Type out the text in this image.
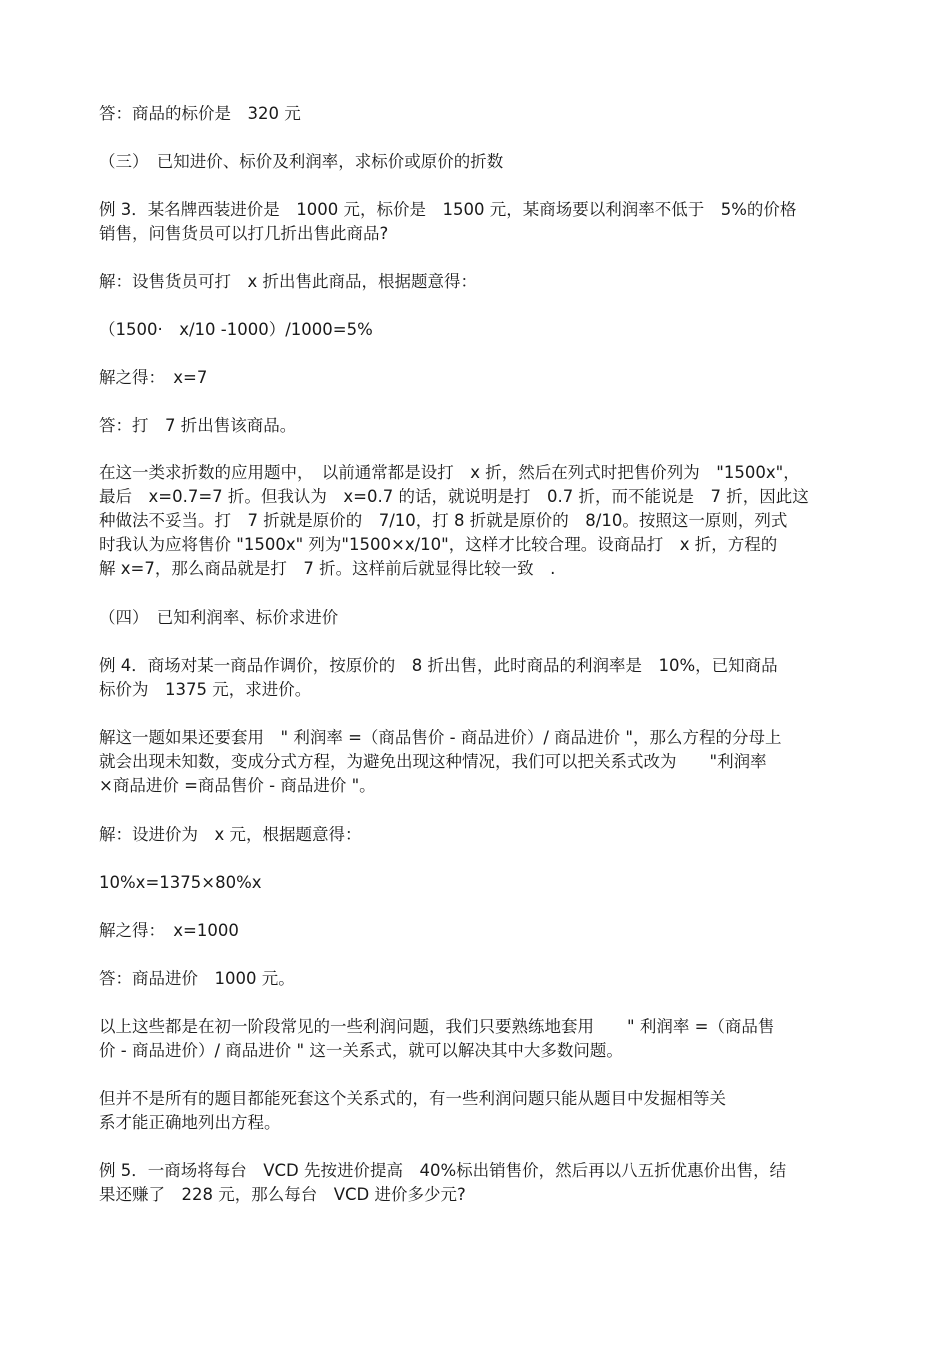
答：商品的标价是　320 元

（三）　已知进价、标价及利润率，求标价或原价的折数

例 3．某名牌西装进价是　1000 元，标价是　1500 元，某商场要以利润率不低于　5%的价格
销售，问售货员可以打几折出售此商品?

解：设售货员可打　x 折出售此商品，根据题意得：

（1500·　x/10 -1000）/1000=5%

解之得：　x=7

答：打　7 折出售该商品。

在这一类求折数的应用题中，　以前通常都是设打　x 折，然后在列式时把售价列为　"1500x"，
最后　x=0.7=7 折。但我认为　x=0.7 的话，就说明是打　0.7 折，而不能说是　7 折，因此这
种做法不妥当。打　7 折就是原价的　7/10，打 8 折就是原价的　8/10。按照这一原则，列式
时我认为应将售价 "1500x" 列为"1500×x/10"，这样才比较合理。设商品打　x 折，方程的
解 x=7，那么商品就是打　7 折。这样前后就显得比较一致　.

（四）　已知利润率、标价求进价

例 4．商场对某一商品作调价，按原价的　8 折出售，此时商品的利润率是　10%，已知商品
标价为　1375 元，求进价。

解这一题如果还要套用　" 利润率 =（商品售价 - 商品进价）/ 商品进价 "，那么方程的分母上
就会出现未知数，变成分式方程，为避免出现这种情况，我们可以把关系式改为　　"利润率
×商品进价 =商品售价 - 商品进价 "。

解：设进价为　x 元，根据题意得：

10%x=1375×80%x

解之得：　x=1000

答：商品进价　1000 元。

以上这些都是在初一阶段常见的一些利润问题，我们只要熟练地套用　　" 利润率 =（商品售
价 - 商品进价）/ 商品进价 " 这一关系式，就可以解决其中大多数问题。

但并不是所有的题目都能死套这个关系式的，有一些利润问题只能从题目中发掘相等关
系才能正确地列出方程。

例 5．一商场将每台　VCD 先按进价提高　40%标出销售价，然后再以八五折优惠价出售，结
果还赚了　228 元，那么每台　VCD 进价多少元?
